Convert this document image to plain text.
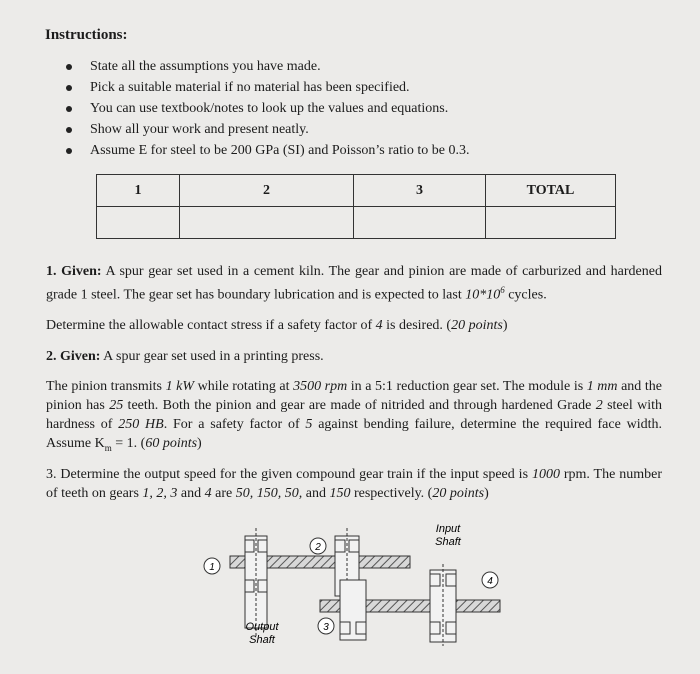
Instructions:
State all the assumptions you have made.
Pick a suitable material if no material has been specified.
You can use textbook/notes to look up the values and equations.
Show all your work and present neatly.
Assume E for steel to be 200 GPa (SI) and Poisson’s ratio to be 0.3.
1	2	3	TOTAL

1. Given: A spur gear set used in a cement kiln. The gear and pinion are made of carburized and hardened grade 1 steel. The gear set has boundary lubrication and is expected to last $10*10^6$ cycles.
Determine the allowable contact stress if a safety factor of 4 is desired. (20 points)
2. Given: A spur gear set used in a printing press.
The pinion transmits 1 kW while rotating at 3500 rpm in a 5:1 reduction gear set. The module is 1 mm and the pinion has 25 teeth. Both the pinion and gear are made of nitrided and through hardened Grade 2 steel with hardness of 250 HB. For a safety factor of 5 against bending failure, determine the required face width. Assume $K_m = 1$. (60 points)
3. Determine the output speed for the given compound gear train if the input speed is 1000 rpm. The number of teeth on gears 1, 2, 3 and 4 are 50, 150, 50, and 150 respectively. (20 points)
1
2
3
4
Input
Shaft
Output
Shaft
